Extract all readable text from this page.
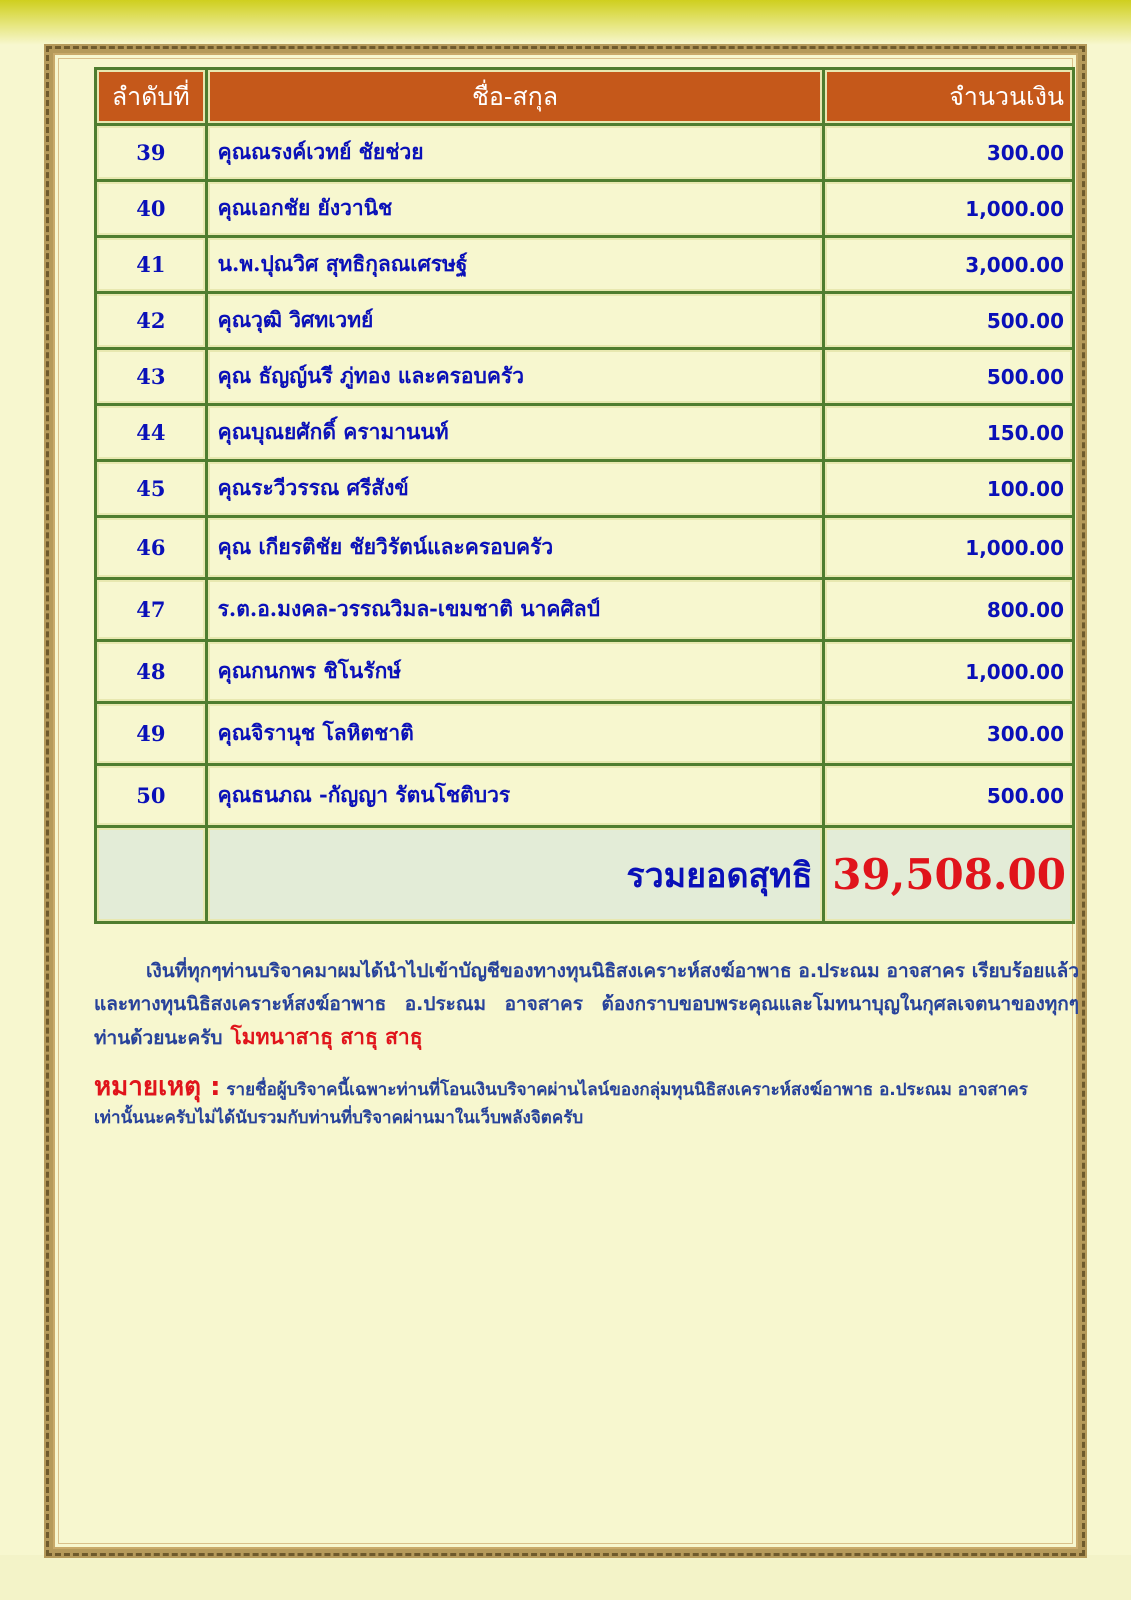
ลำดับที่	ชื่อ-สกุล	จำนวนเงิน
39	คุณณรงค์เวทย์ ชัยช่วย	300.00
40	คุณเอกชัย ยังวานิช	1,000.00
41	น.พ.ปุณวิศ สุทธิกุลณเศรษฐ์	3,000.00
42	คุณวุฒิ วิศทเวทย์	500.00
43	คุณ ธัญญ์นรี ภู่ทอง และครอบครัว	500.00
44	คุณบุณยศักดิ์ ครามานนท์	150.00
45	คุณระวีวรรณ ศรีสังข์	100.00
46	คุณ เกียรติชัย ชัยวิรัตน์และครอบครัว	1,000.00
47	ร.ต.อ.มงคล-วรรณวิมล-เขมชาติ นาคศิลป์	800.00
48	คุณกนกพร ชิโนรักษ์	1,000.00
49	คุณจิรานุช โลหิตชาติ	300.00
50	คุณธนภณ -กัญญา รัตนโชติบวร	500.00
	รวมยอดสุทธิ	39,508.00
เงินที่ทุกๆท่านบริจาคมาผมได้นำไปเข้าบัญชีของทางทุนนิธิสงเคราะห์สงฆ์อาพาธ อ.ประณม อาจสาคร เรียบร้อยแล้ว และทางทุนนิธิสงเคราะห์สงฆ์อาพาธ อ.ประณม อาจสาคร ต้องกราบขอบพระคุณและโมทนาบุญในกุศลเจตนาของทุกๆท่านด้วยนะครับ โมทนาสาธุ สาธุ สาธุ
หมายเหตุ : รายชื่อผู้บริจาคนี้เฉพาะท่านที่โอนเงินบริจาคผ่านไลน์ของกลุ่มทุนนิธิสงเคราะห์สงฆ์อาพาธ อ.ประณม อาจสาคร เท่านั้นนะครับไม่ได้นับรวมกับท่านที่บริจาคผ่านมาในเว็บพลังจิตครับ
